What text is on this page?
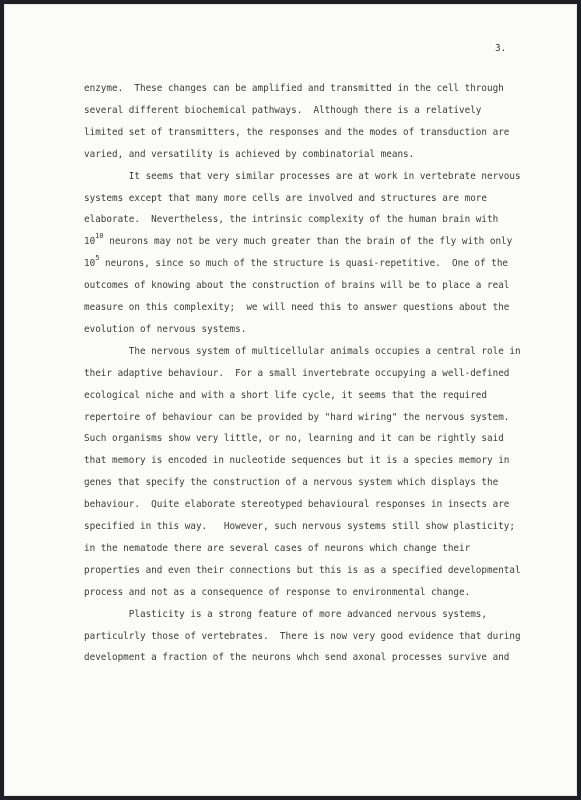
3.
enzyme.  These changes can be amplified and transmitted in the cell through
several different biochemical pathways.  Although there is a relatively
limited set of transmitters, the responses and the modes of transduction are
varied, and versatility is achieved by combinatorial means.
It seems that very similar processes are at work in vertebrate nervous
systems except that many more cells are involved and structures are more
elaborate.  Nevertheless, the intrinsic complexity of the human brain with
$10^{10}$ neurons may not be very much greater than the brain of the fly with only
$10^5$ neurons, since so much of the structure is quasi-repetitive.  One of the
outcomes of knowing about the construction of brains will be to place a real
measure on this complexity;  we will need this to answer questions about the
evolution of nervous systems.
The nervous system of multicellular animals occupies a central role in
their adaptive behaviour.  For a small invertebrate occupying a well-defined
ecological niche and with a short life cycle, it seems that the required
repertoire of behaviour can be provided by "hard wiring" the nervous system.
Such organisms show very little, or no, learning and it can be rightly said
that memory is encoded in nucleotide sequences but it is a species memory in
genes that specify the construction of a nervous system which displays the
behaviour.  Quite elaborate stereotyped behavioural responses in insects are
specified in this way.   However, such nervous systems still show plasticity;
in the nematode there are several cases of neurons which change their
properties and even their connections but this is as a specified developmental
process and not as a consequence of response to environmental change.
Plasticity is a strong feature of more advanced nervous systems,
particulrly those of vertebrates.  There is now very good evidence that during
development a fraction of the neurons whch send axonal processes survive and
